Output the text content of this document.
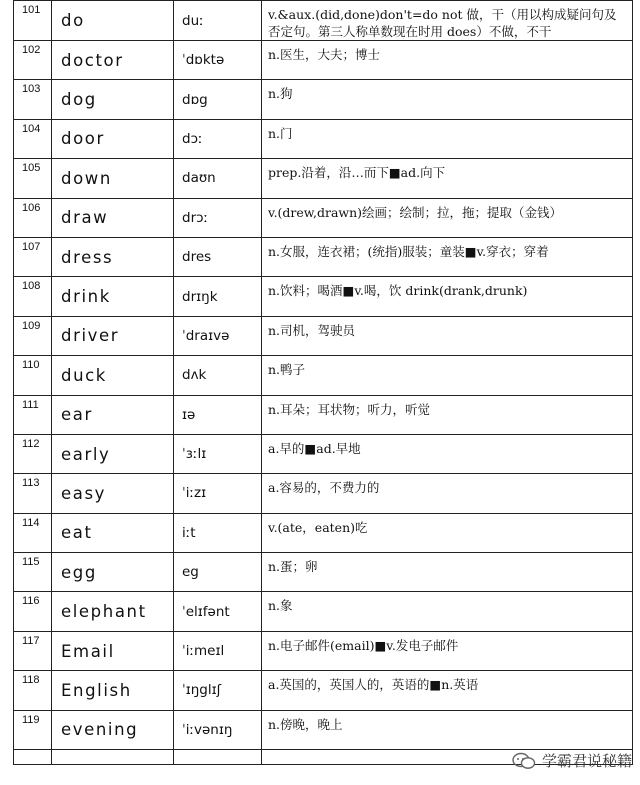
101	do	duː	v.&aux.(did,done)don't=do not 做，干（用以构成疑问句及否定句。第三人称单数现在时用 does）不做，不干
102	doctor	ˈdɒktə	n.医生，大夫；博士
103	dog	dɒg	n.狗
104	door	dɔː	n.门
105	down	daʊn	prep.沿着，沿…而下■ad.向下
106	draw	drɔː	v.(drew,drawn)绘画；绘制；拉，拖；提取（金钱）
107	dress	dres	n.女服，连衣裙；(统指)服装；童装■v.穿衣；穿着
108	drink	drɪŋk	n.饮料；喝酒■v.喝，饮 drink(drank,drunk)
109	driver	ˈdraɪvə	n.司机，驾驶员
110	duck	dʌk	n.鸭子
111	ear	ɪə	n.耳朵；耳状物；听力，听觉
112	early	ˈɜːlɪ	a.早的■ad.早地
113	easy	ˈiːzɪ	a.容易的，不费力的
114	eat	iːt	v.(ate，eaten)吃
115	egg	eg	n.蛋；卵
116	elephant	ˈelɪfənt	n.象
117	Email	ˈiːmeɪl	n.电子邮件(email)■v.发电子邮件
118	English	ˈɪŋglɪʃ	a.英国的，英国人的，英语的■n.英语
119	evening	ˈiːvənɪŋ	n.傍晚，晚上

学霸君说秘籍
